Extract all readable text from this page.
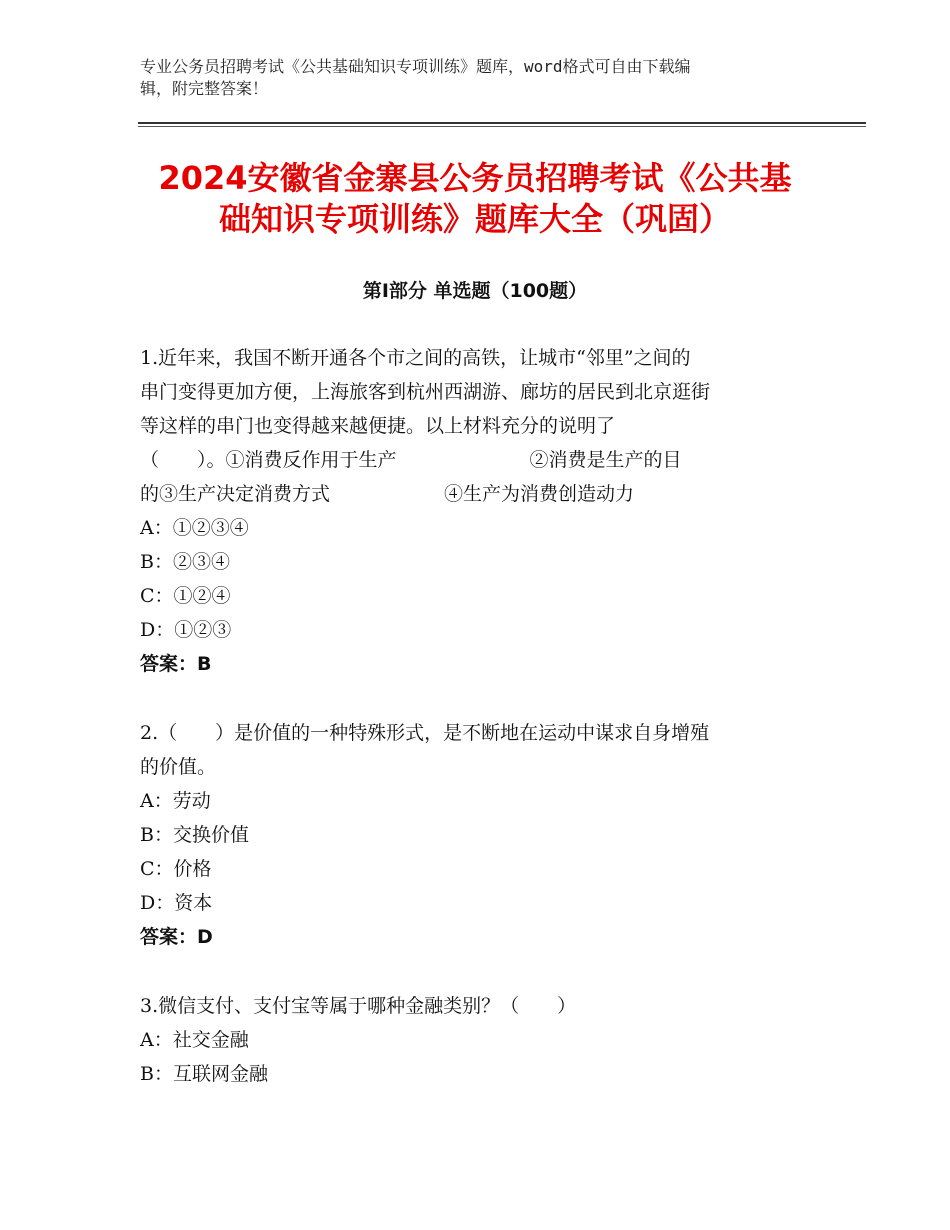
专业公务员招聘考试《公共基础知识专项训练》题库，word格式可自由下载编
辑，附完整答案！
2024安徽省金寨县公务员招聘考试《公共基
础知识专项训练》题库大全（巩固）
第Ⅰ部分 单选题（100题）

1.近年来，我国不断开通各个市之间的高铁，让城市“邻里”之间的

串门变得更加方便，上海旅客到杭州西湖游、廊坊的居民到北京逛街

等这样的串门也变得越来越便捷。以上材料充分的说明了

（　　）。①消费反作用于生产　　　　　　　②消费是生产的目

的③生产决定消费方式　　　　　　④生产为消费创造动力

A：①②③④

B：②③④

C：①②④

D：①②③

答案：B

2.（　　）是价值的一种特殊形式，是不断地在运动中谋求自身增殖

的价值。

A：劳动

B：交换价值

C：价格

D：资本

答案：D

3.微信支付、支付宝等属于哪种金融类别？（　　）

A：社交金融

B：互联网金融
